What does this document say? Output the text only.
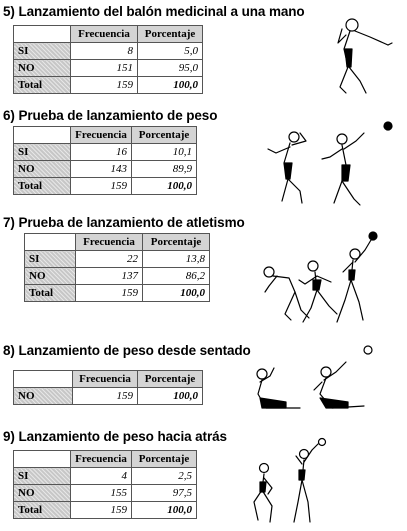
5) Lanzamiento del balón medicinal a una mano
	Frecuencia	Porcentaje
SI	8	5,0
NO	151	95,0
Total	159	100,0
6) Prueba de lanzamiento de peso
	Frecuencia	Porcentaje
SI	16	10,1
NO	143	89,9
Total	159	100,0
7) Prueba de lanzamiento de atletismo
	Frecuencia	Porcentaje
SI	22	13,8
NO	137	86,2
Total	159	100,0
8) Lanzamiento de peso desde sentado
	Frecuencia	Porcentaje
NO	159	100,0
9) Lanzamiento de peso hacia atrás
	Frecuencia	Porcentaje
SI	4	2,5
NO	155	97,5
Total	159	100,0
